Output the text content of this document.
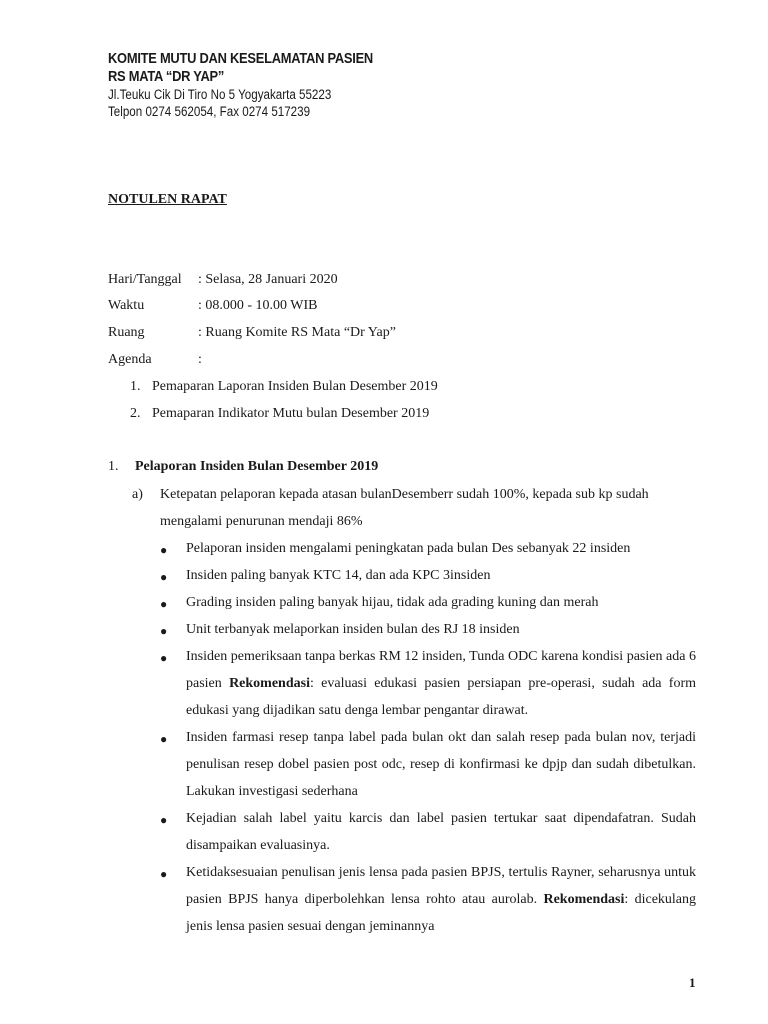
KOMITE MUTU DAN KESELAMATAN PASIEN
RS MATA “DR YAP”
Jl.Teuku Cik Di Tiro No 5 Yogyakarta 55223
Telpon 0274 562054, Fax 0274 517239
NOTULEN RAPAT
Hari/Tanggal : Selasa, 28 Januari 2020
Waktu	: 08.000 - 10.00 WIB
Ruang	: Ruang Komite RS Mata “Dr Yap”
Agenda	:
1. Pemaparan Laporan Insiden Bulan Desember 2019
2. Pemaparan Indikator Mutu bulan Desember 2019
1. Pelaporan Insiden Bulan Desember 2019
a) Ketepatan pelaporan kepada atasan bulanDesemberr sudah 100%, kepada sub kp sudah
mengalami penurunan mendaji 86%
● Pelaporan insiden mengalami peningkatan pada bulan Des sebanyak 22 insiden
● Insiden paling banyak KTC 14, dan ada KPC 3insiden
● Grading insiden paling banyak hijau, tidak ada grading kuning dan merah
● Unit terbanyak melaporkan insiden bulan des RJ 18 insiden
● Insiden pemeriksaan tanpa berkas RM 12 insiden, Tunda ODC karena kondisi pasien ada 6 pasien Rekomendasi: evaluasi edukasi pasien persiapan pre-operasi, sudah ada form edukasi yang dijadikan satu denga lembar pengantar dirawat.
● Insiden farmasi resep tanpa label pada bulan okt dan salah resep pada bulan nov, terjadi penulisan resep dobel pasien post odc, resep di konfirmasi ke dpjp dan sudah dibetulkan. Lakukan investigasi sederhana
● Kejadian salah label yaitu karcis dan label pasien tertukar saat dipendafatran. Sudah disampaikan evaluasinya.
● Ketidaksesuaian penulisan jenis lensa pada pasien BPJS, tertulis Rayner, seharusnya untuk pasien BPJS hanya diperbolehkan lensa rohto atau aurolab. Rekomendasi: dicekulang jenis lensa pasien sesuai dengan jeminannya
1
